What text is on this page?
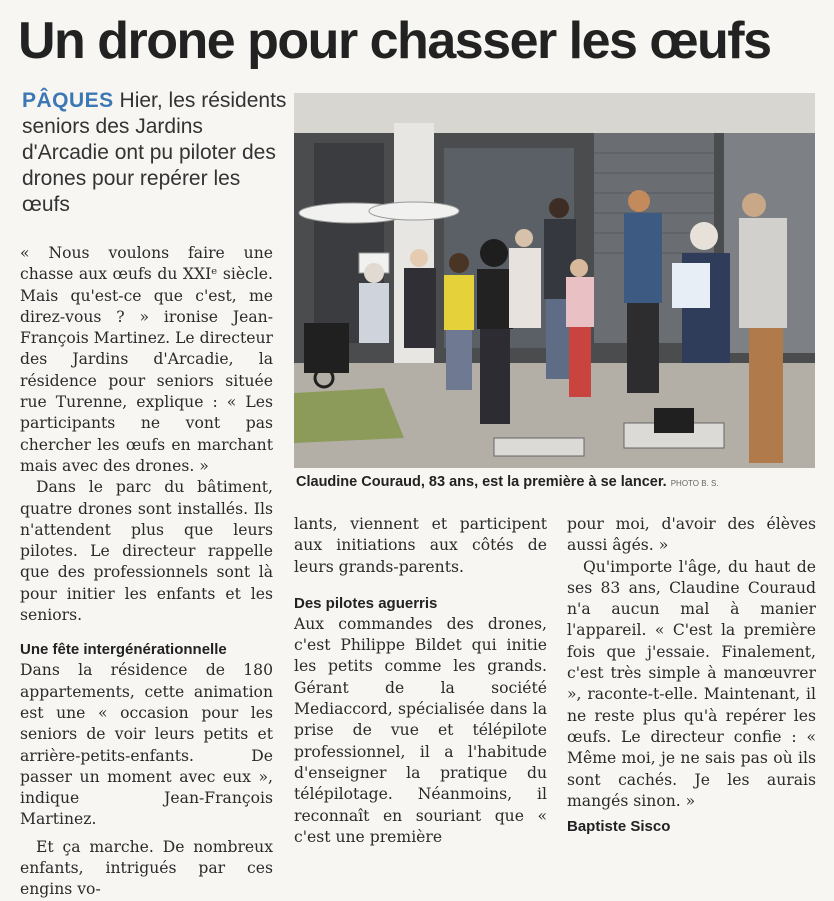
Un drone pour chasser les œufs
PÂQUES Hier, les résidents seniors des Jardins d'Arcadie ont pu piloter des drones pour repérer les œufs

« Nous voulons faire une chasse aux œufs du XXIᵉ siècle. Mais qu'est-ce que c'est, me direz-vous ? » ironise Jean-François Martinez. Le directeur des Jardins d'Arcadie, la résidence pour seniors située rue Turenne, explique : « Les participants ne vont pas chercher les œufs en marchant mais avec des drones. »

Dans le parc du bâtiment, quatre drones sont installés. Ils n'attendent plus que leurs pilotes. Le directeur rappelle que des professionnels sont là pour initier les enfants et les seniors.

Une fête intergénérationnelle

Dans la résidence de 180 appartements, cette animation est une « occasion pour les seniors de voir leurs petits et arrière-petits-enfants. De passer un moment avec eux », indique Jean-François Martinez.

Et ça marche. De nombreux enfants, intrigués par ces engins vo-

Claudine Couraud, 83 ans, est la première à se lancer. PHOTO B. S.

lants, viennent et participent aux initiations aux côtés de leurs grands-parents.

Des pilotes aguerris

Aux commandes des drones, c'est Philippe Bildet qui initie les petits comme les grands. Gérant de la société Mediaccord, spécialisée dans la prise de vue et télépilote professionnel, il a l'habitude d'enseigner la pratique du télépilotage. Néanmoins, il reconnaît en souriant que « c'est une première

pour moi, d'avoir des élèves aussi âgés. »

Qu'importe l'âge, du haut de ses 83 ans, Claudine Couraud n'a aucun mal à manier l'appareil. « C'est la première fois que j'essaie. Finalement, c'est très simple à manœuvrer », raconte-t-elle. Maintenant, il ne reste plus qu'à repérer les œufs. Le directeur confie : « Même moi, je ne sais pas où ils sont cachés. Je les aurais mangés sinon. »

Baptiste Sisco
